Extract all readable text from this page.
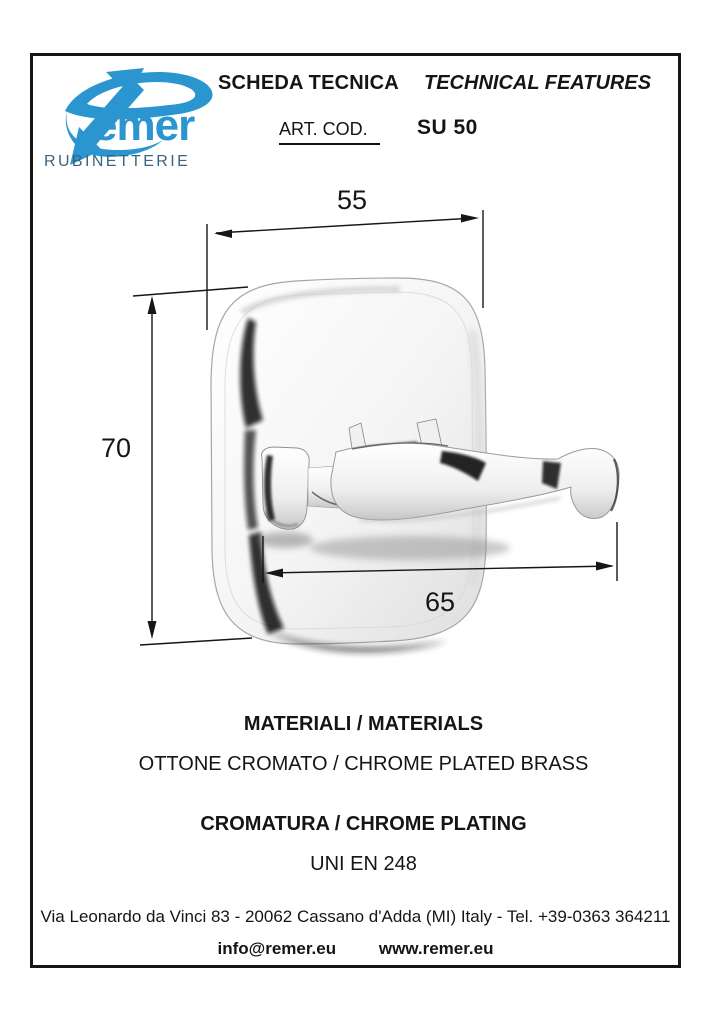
emer
RUBINETTERIE
SCHEDA TECNICA TECHNICAL FEATURES
ART. COD.	SU 50
55
70
65
MATERIALI / MATERIALS
OTTONE CROMATO / CHROME PLATED BRASS
CROMATURA / CHROME PLATING
UNI EN 248
Via Leonardo da Vinci 83 - 20062 Cassano d'Adda (MI) Italy - Tel. +39-0363 364211
info@remer.eu	www.remer.eu
